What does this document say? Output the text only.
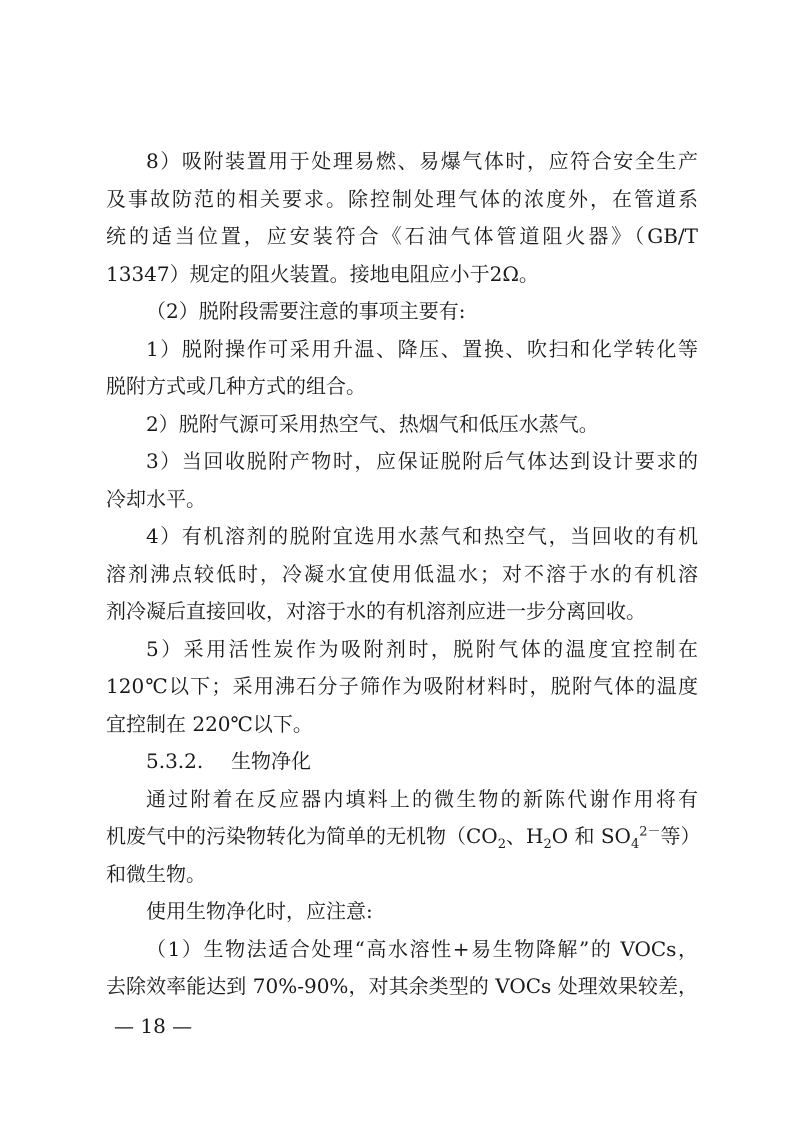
8）吸附装置用于处理易燃、易爆气体时，应符合安全生产
及事故防范的相关要求。除控制处理气体的浓度外，在管道系
统的适当位置，应安装符合《石油气体管道阻火器》（GB/T
13347）规定的阻火装置。接地电阻应小于2Ω。
（2）脱附段需要注意的事项主要有:
1）脱附操作可采用升温、降压、置换、吹扫和化学转化等
脱附方式或几种方式的组合。
2）脱附气源可采用热空气、热烟气和低压水蒸气。
3）当回收脱附产物时，应保证脱附后气体达到设计要求的
冷却水平。
4）有机溶剂的脱附宜选用水蒸气和热空气，当回收的有机
溶剂沸点较低时，冷凝水宜使用低温水；对不溶于水的有机溶
剂冷凝后直接回收，对溶于水的有机溶剂应进一步分离回收。
5）采用活性炭作为吸附剂时，脱附气体的温度宜控制在
120℃以下；采用沸石分子筛作为吸附材料时，脱附气体的温度
宜控制在 220℃以下。
5.3.2. 生物净化
通过附着在反应器内填料上的微生物的新陈代谢作用将有
机废气中的污染物转化为简单的无机物（$CO_2$、$H_2O$ 和 $SO_4^{2-}$等）
和微生物。
使用生物净化时，应注意:
（1）生物法适合处理“高水溶性+易生物降解”的 VOCs，
去除效率能达到 70%-90%，对其余类型的 VOCs 处理效果较差，
— 18 —
